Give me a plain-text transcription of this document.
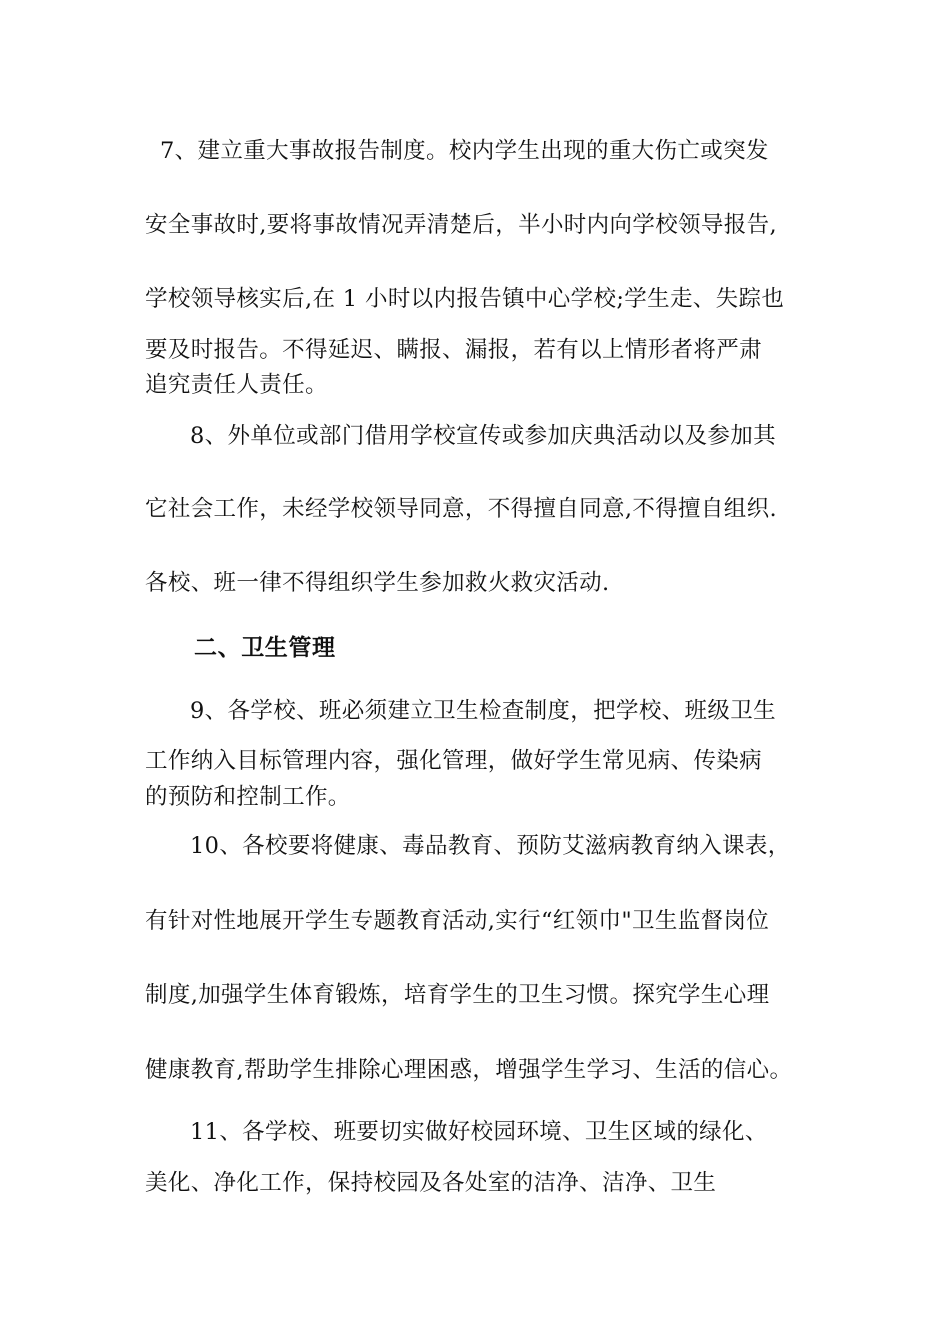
7、建立重大事故报告制度。校内学生出现的重大伤亡或突发
安全事故时,要将事故情况弄清楚后，半小时内向学校领导报告,
学校领导核实后,在 1 小时以内报告镇中心学校;学生走、失踪也
要及时报告。不得延迟、瞒报、漏报，若有以上情形者将严肃
追究责任人责任。
8、外单位或部门借用学校宣传或参加庆典活动以及参加其
它社会工作，未经学校领导同意，不得擅自同意,不得擅自组织.
各校、班一律不得组织学生参加救火救灾活动.
二、卫生管理
9、各学校、班必须建立卫生检查制度，把学校、班级卫生
工作纳入目标管理内容，强化管理，做好学生常见病、传染病
的预防和控制工作。
10、各校要将健康、毒品教育、预防艾滋病教育纳入课表，
有针对性地展开学生专题教育活动,实行“红领巾"卫生监督岗位
制度,加强学生体育锻炼，培育学生的卫生习惯。探究学生心理
健康教育,帮助学生排除心理困惑，增强学生学习、生活的信心。
11、各学校、班要切实做好校园环境、卫生区域的绿化、
美化、净化工作，保持校园及各处室的洁净、洁净、卫生
